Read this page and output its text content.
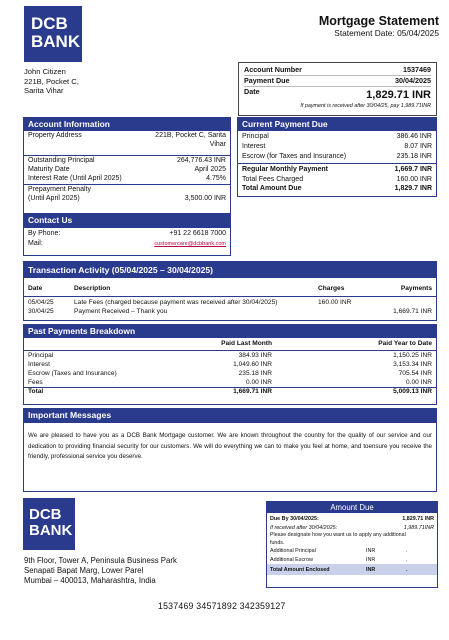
DCB
BANK
Mortgage Statement
Statement Date: 05/04/2025
John Citizen
221B, Pocket C,
Sarita Vihar
Account Number	1537469
Payment Due	30/04/2025
Date	1,829.71 INR
If payment is received after 30/04/25, pay 1,989.71INR
Account Information
Property Address	221B, Pocket C, Sarita
Vihar
Outstanding Principal	264,776.43 INR
Maturity Date	April 2025
Interest Rate (Until April 2025)	4.75%
Prepayment Penalty
(Until April 2025)	3,500.00 INR
Contact Us
By Phone:	+91 22 6618 7000
Mail:	customercare@dcbbank.com
Current Payment Due
Principal	386.46 INR
Interest	8.07 INR
Escrow (for Taxes and Insurance)	235.18 INR
Regular Monthly Payment	1,669.7 INR
Total Fees Charged	160.00 INR
Total Amount Due	1,829.7 INR
Transaction Activity (05/04/2025 – 30/04/2025)
Date	Description	Charges	Payments

05/04/25	Late Fees (charged because payment was received after 30/04/2025)	160.00 INR	
30/04/25	Payment Received – Thank you		1,669.71 INR
Past Payments Breakdown
	Paid Last Month	Paid Year to Date

Principal	384.93 INR	1,150.25 INR
Interest	1,049.60 INR	3,153.34 INR
Escrow (Taxes and Insurance)	235.18 INR	705.54 INR
Fees	0.00 INR	0.00 INR
Total	1,669.71 INR	5,009.13 INR
Important Messages
We are pleased to have you as a DCB Bank Mortgage customer. We are known throughout the country for the quality of our service and our dedication to providing financial security for our customers. We will do everything we can to make you feel at home, and toensure you receive the friendly, professional service you deserve.
DCB
BANK
9th Floor, Tower A, Peninsula Business Park
Senapati Bapat Marg, Lower Parel
Mumbai – 400013, Maharashtra, India
1537469 34571892 342359127
Amount Due
Due By 30/04/2025:	1,829.71 INR
If received after 30/04/2025:	1,989.71INR
Please designate how you want us to apply any additional
funds.
Additional Principal	INR	.
Additional Escrow	INR	.
Total Amount Enclosed	INR	.
